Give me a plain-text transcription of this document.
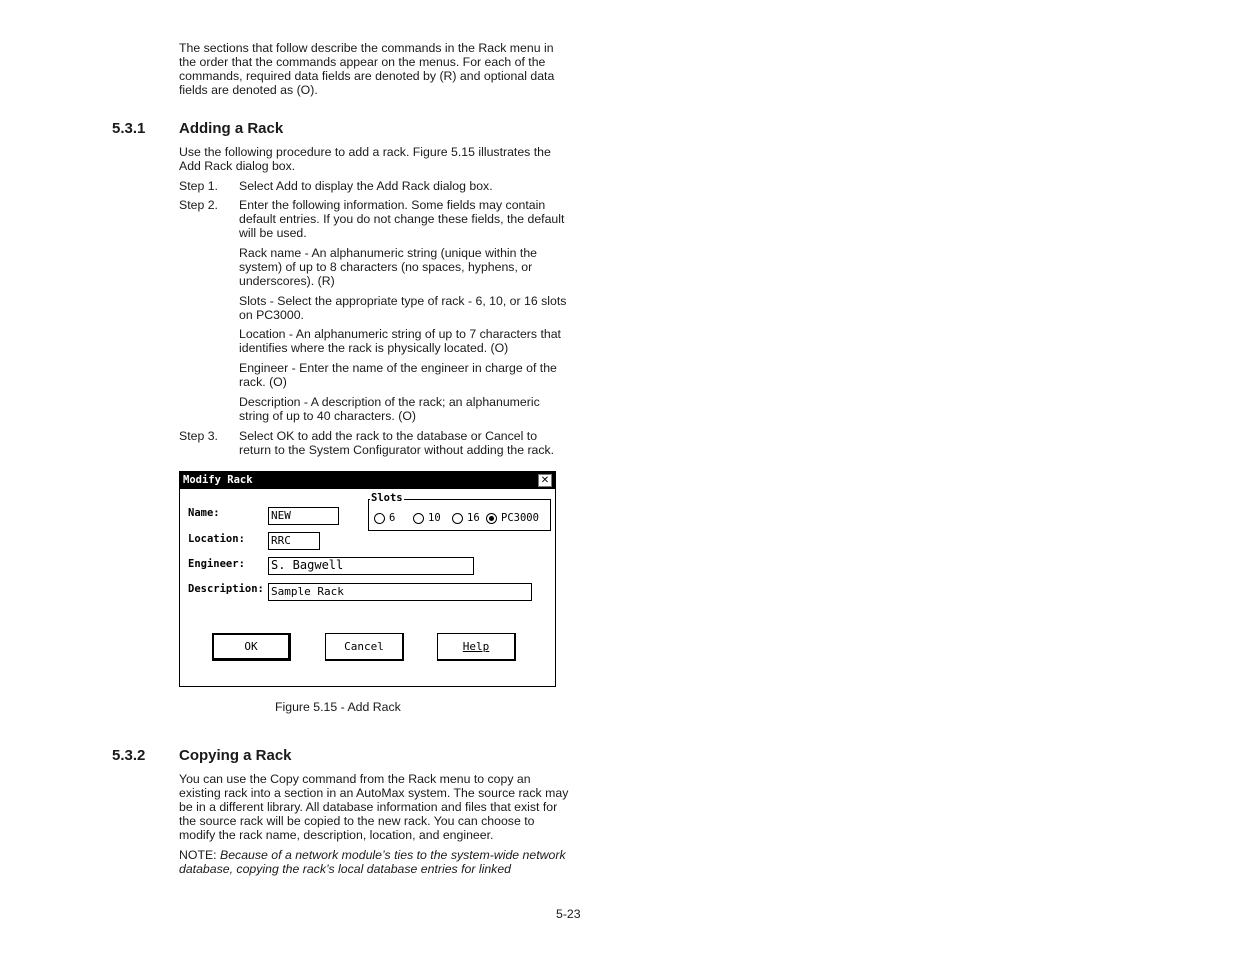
The sections that follow describe the commands in the Rack menu in the order that the commands appear on the menus. For each of the commands, required data fields are denoted by (R) and optional data fields are denoted as (O).

5.3.1 Adding a Rack

Use the following procedure to add a rack. Figure 5.15 illustrates the Add Rack dialog box.

Step 1. Select Add to display the Add Rack dialog box.

Step 2. Enter the following information. Some fields may contain default entries. If you do not change these fields, the default will be used.

Rack name - An alphanumeric string (unique within the system) of up to 8 characters (no spaces, hyphens, or underscores). (R)

Slots - Select the appropriate type of rack - 6, 10, or 16 slots on PC3000.

Location - An alphanumeric string of up to 7 characters that identifies where the rack is physically located. (O)

Engineer - Enter the name of the engineer in charge of the rack. (O)

Description - A description of the rack; an alphanumeric string of up to 40 characters. (O)

Step 3. Select OK to add the rack to the database or Cancel to return to the System Configurator without adding the rack.

Modify Rack	✕
Name:	NEW
Location: RRC
Engineer: S. Bagwell
Description: Sample Rack
Slots
6	10	16 PC3000
OK	Cancel	Help
Figure 5.15 - Add Rack
5.3.2 Copying a Rack

You can use the Copy command from the Rack menu to copy an existing rack into a section in an AutoMax system. The source rack may be in a different library. All database information and files that exist for the source rack will be copied to the new rack. You can choose to modify the rack name, description, location, and engineer.

NOTE: Because of a network module’s ties to the system-wide network database, copying the rack’s local database entries for linked

5-23
